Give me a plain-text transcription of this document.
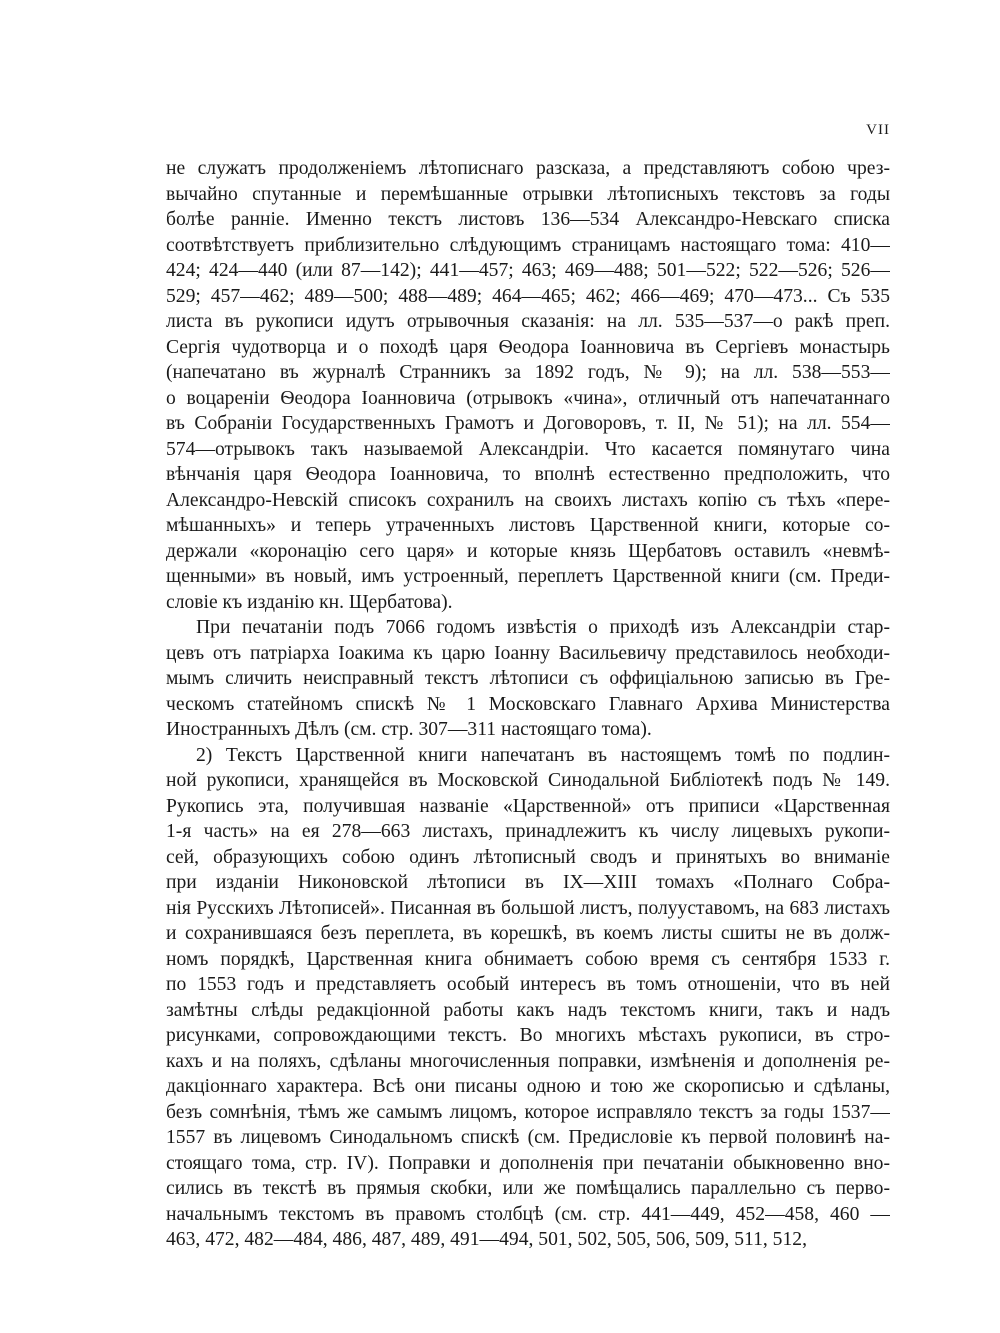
VII
не служатъ продолженіемъ лѣтописнаго разсказа, а представляютъ собою чрез-
вычайно спутанные и перемѣшанные отрывки лѣтописныхъ текстовъ за годы
болѣе ранніе. Именно текстъ листовъ 136—534 Александро-Невскаго списка
соотвѣтствуетъ приблизительно слѣдующимъ страницамъ настоящаго тома: 410—
424; 424—440 (или 87—142); 441—457; 463; 469—488; 501—522; 522—526; 526—
529; 457—462; 489—500; 488—489; 464—465; 462; 466—469; 470—473... Съ 535
листа въ рукописи идутъ отрывочныя сказанія: на лл. 535—537—о ракѣ преп.
Сергія чудотворца и о походѣ царя Ѳеодора Іоанновича въ Сергіевъ монастырь
(напечатано въ журналѣ Странникъ за 1892 годъ, № 9); на лл. 538—553—
о воцареніи Ѳеодора Іоанновича (отрывокъ «чина», отличный отъ напечатаннаго
въ Собраніи Государственныхъ Грамотъ и Договоровъ, т. II, № 51); на лл. 554—
574—отрывокъ такъ называемой Александріи. Что касается помянутаго чина
вѣнчанія царя Ѳеодора Іоанновича, то вполнѣ естественно предположить, что
Александро-Невскій списокъ сохранилъ на своихъ листахъ копію съ тѣхъ «пере-
мѣшанныхъ» и теперь утраченныхъ листовъ Царственной книги, которые со-
держали «коронацію сего царя» и которые князь Щербатовъ оставилъ «невмѣ-
щенными» въ новый, имъ устроенный, переплетъ Царственной книги (см. Преди-
словіе къ изданію кн. Щербатова).
При печатаніи подъ 7066 годомъ извѣстія о приходѣ изъ Александріи стар-
цевъ отъ патріарха Іоакима къ царю Іоанну Васильевичу представилось необходи-
мымъ сличить неисправный текстъ лѣтописи съ оффиціальною записью въ Гре-
ческомъ статейномъ спискѣ № 1 Московскаго Главнаго Архива Министерства
Иностранныхъ Дѣлъ (см. стр. 307—311 настоящаго тома).
2) Текстъ Царственной книги напечатанъ въ настоящемъ томѣ по подлин-
ной рукописи, хранящейся въ Московской Синодальной Библіотекѣ подъ № 149.
Рукопись эта, получившая названіе «Царственной» отъ приписи «Царственная
1-я часть» на ея 278—663 листахъ, принадлежитъ къ числу лицевыхъ рукопи-
сей, образующихъ собою одинъ лѣтописный сводъ и принятыхъ во вниманіе
при изданіи Никоновской лѣтописи въ IX—XIII томахъ «Полнаго Собра-
нія Русскихъ Лѣтописей». Писанная въ большой листъ, полууставомъ, на 683 листахъ
и сохранившаяся безъ переплета, въ корешкѣ, въ коемъ листы сшиты не въ долж-
номъ порядкѣ, Царственная книга обнимаетъ собою время съ сентября 1533 г.
по 1553 годъ и представляетъ особый интересъ въ томъ отношеніи, что въ ней
замѣтны слѣды редакціонной работы какъ надъ текстомъ книги, такъ и надъ
рисунками, сопровождающими текстъ. Во многихъ мѣстахъ рукописи, въ стро-
кахъ и на поляхъ, сдѣланы многочисленныя поправки, измѣненія и дополненія ре-
дакціоннаго характера. Всѣ они писаны одною и тою же скорописью и сдѣланы,
безъ сомнѣнія, тѣмъ же самымъ лицомъ, которое исправляло текстъ за годы 1537—
1557 въ лицевомъ Синодальномъ спискѣ (см. Предисловіе къ первой половинѣ на-
стоящаго тома, стр. IV). Поправки и дополненія при печатаніи обыкновенно вно-
сились въ текстѣ въ прямыя скобки, или же помѣщались параллельно съ перво-
начальнымъ текстомъ въ правомъ столбцѣ (см. стр. 441—449, 452—458, 460 —
463, 472, 482—484, 486, 487, 489, 491—494, 501, 502, 505, 506, 509, 511, 512,
